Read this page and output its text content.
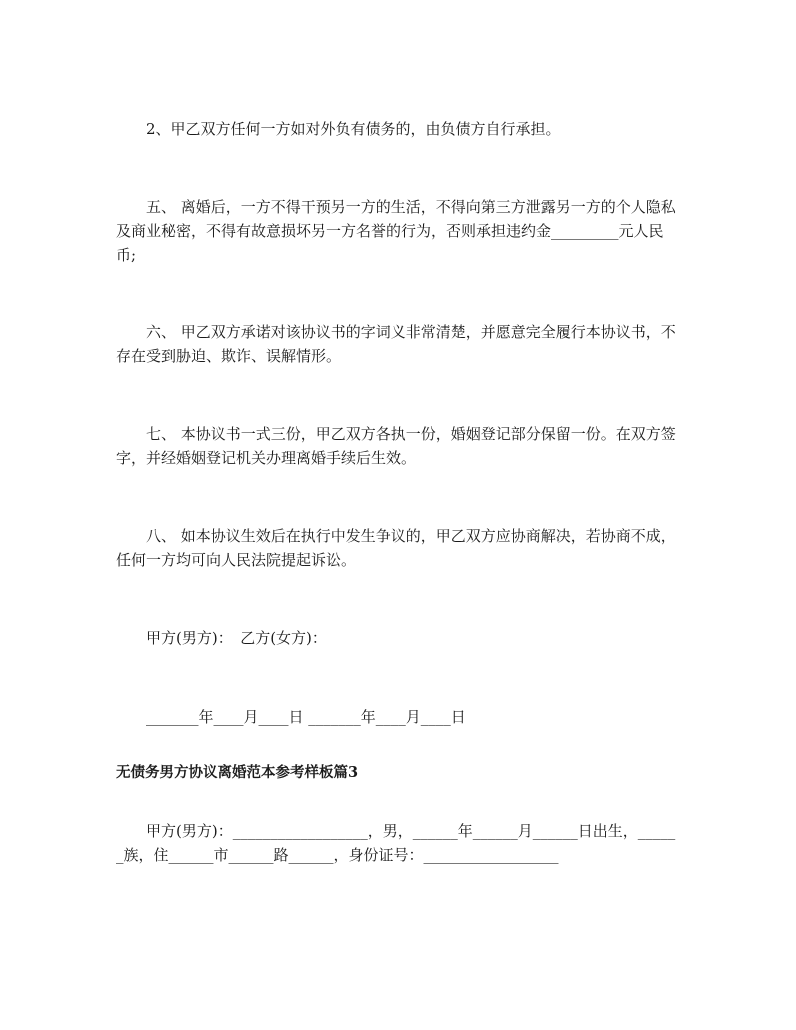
　　2、甲乙双方任何一方如对外负有债务的，由负债方自行承担。

　　五、 离婚后，一方不得干预另一方的生活，不得向第三方泄露另一方的个人隐私及商业秘密，不得有故意损坏另一方名誉的行为，否则承担违约金_________元人民币;

　　六、 甲乙双方承诺对该协议书的字词义非常清楚，并愿意完全履行本协议书，不存在受到胁迫、欺诈、误解情形。

　　七、 本协议书一式三份，甲乙双方各执一份，婚姻登记部分保留一份。在双方签字，并经婚姻登记机关办理离婚手续后生效。

　　八、 如本协议生效后在执行中发生争议的，甲乙双方应协商解决，若协商不成，任何一方均可向人民法院提起诉讼。

　　甲方(男方)：　乙方(女方)：

　　_______年____月____日 _______年____月____日

无债务男方协议离婚范本参考样板篇3

　　甲方(男方)：__________________，男，______年______月______日出生，______族，住______市______路______，身份证号：__________________
